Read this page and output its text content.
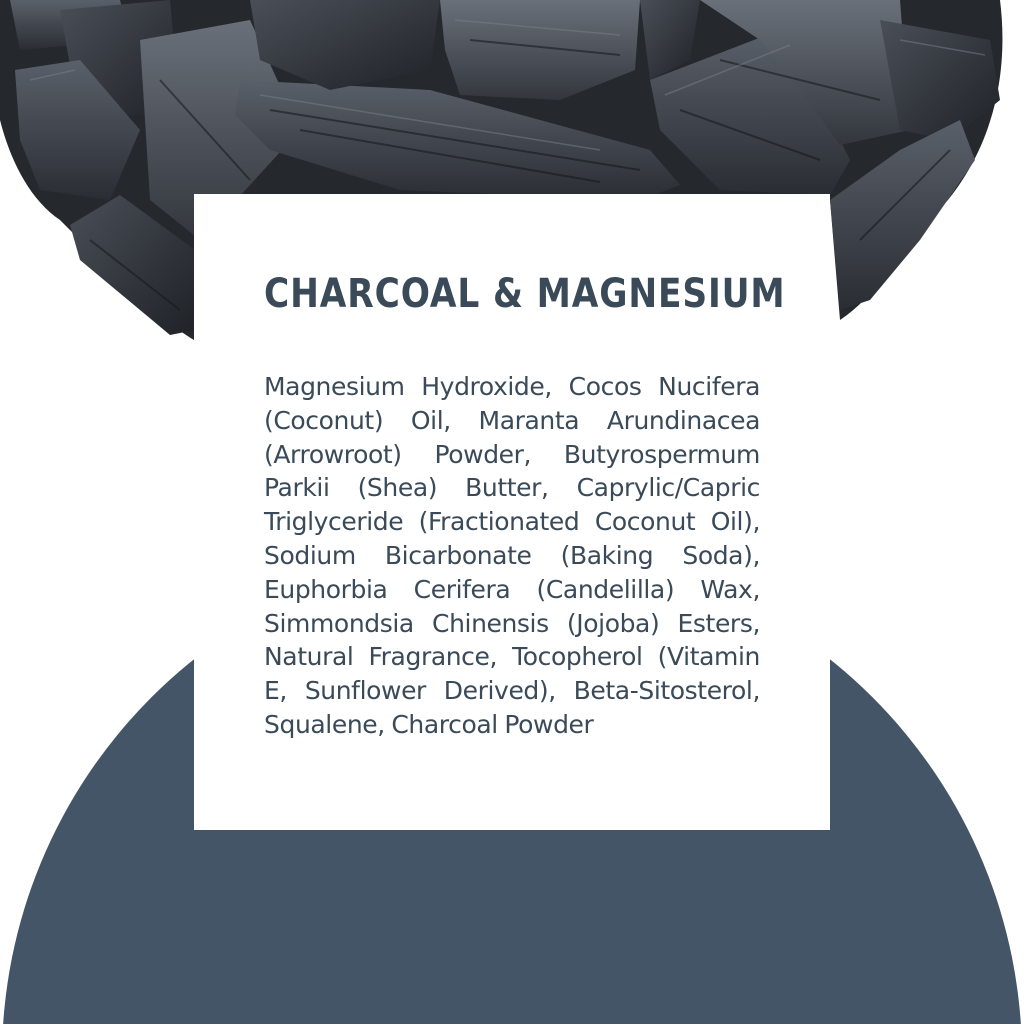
CHARCOAL & MAGNESIUM

Magnesium Hydroxide, Cocos Nucifera (Coconut) Oil, Maranta Arundinacea (Arrowroot) Powder, Butyrospermum Parkii (Shea) Butter, Caprylic/Capric Triglyceride (Fractionated Coconut Oil), Sodium Bicarbonate (Baking Soda), Euphorbia Cerifera (Candelilla) Wax, Simmondsia Chinensis (Jojoba) Esters, Natural Fragrance, Tocopherol (Vitamin E, Sunflower Derived), Beta-Sitosterol, Squalene, Charcoal Powder
